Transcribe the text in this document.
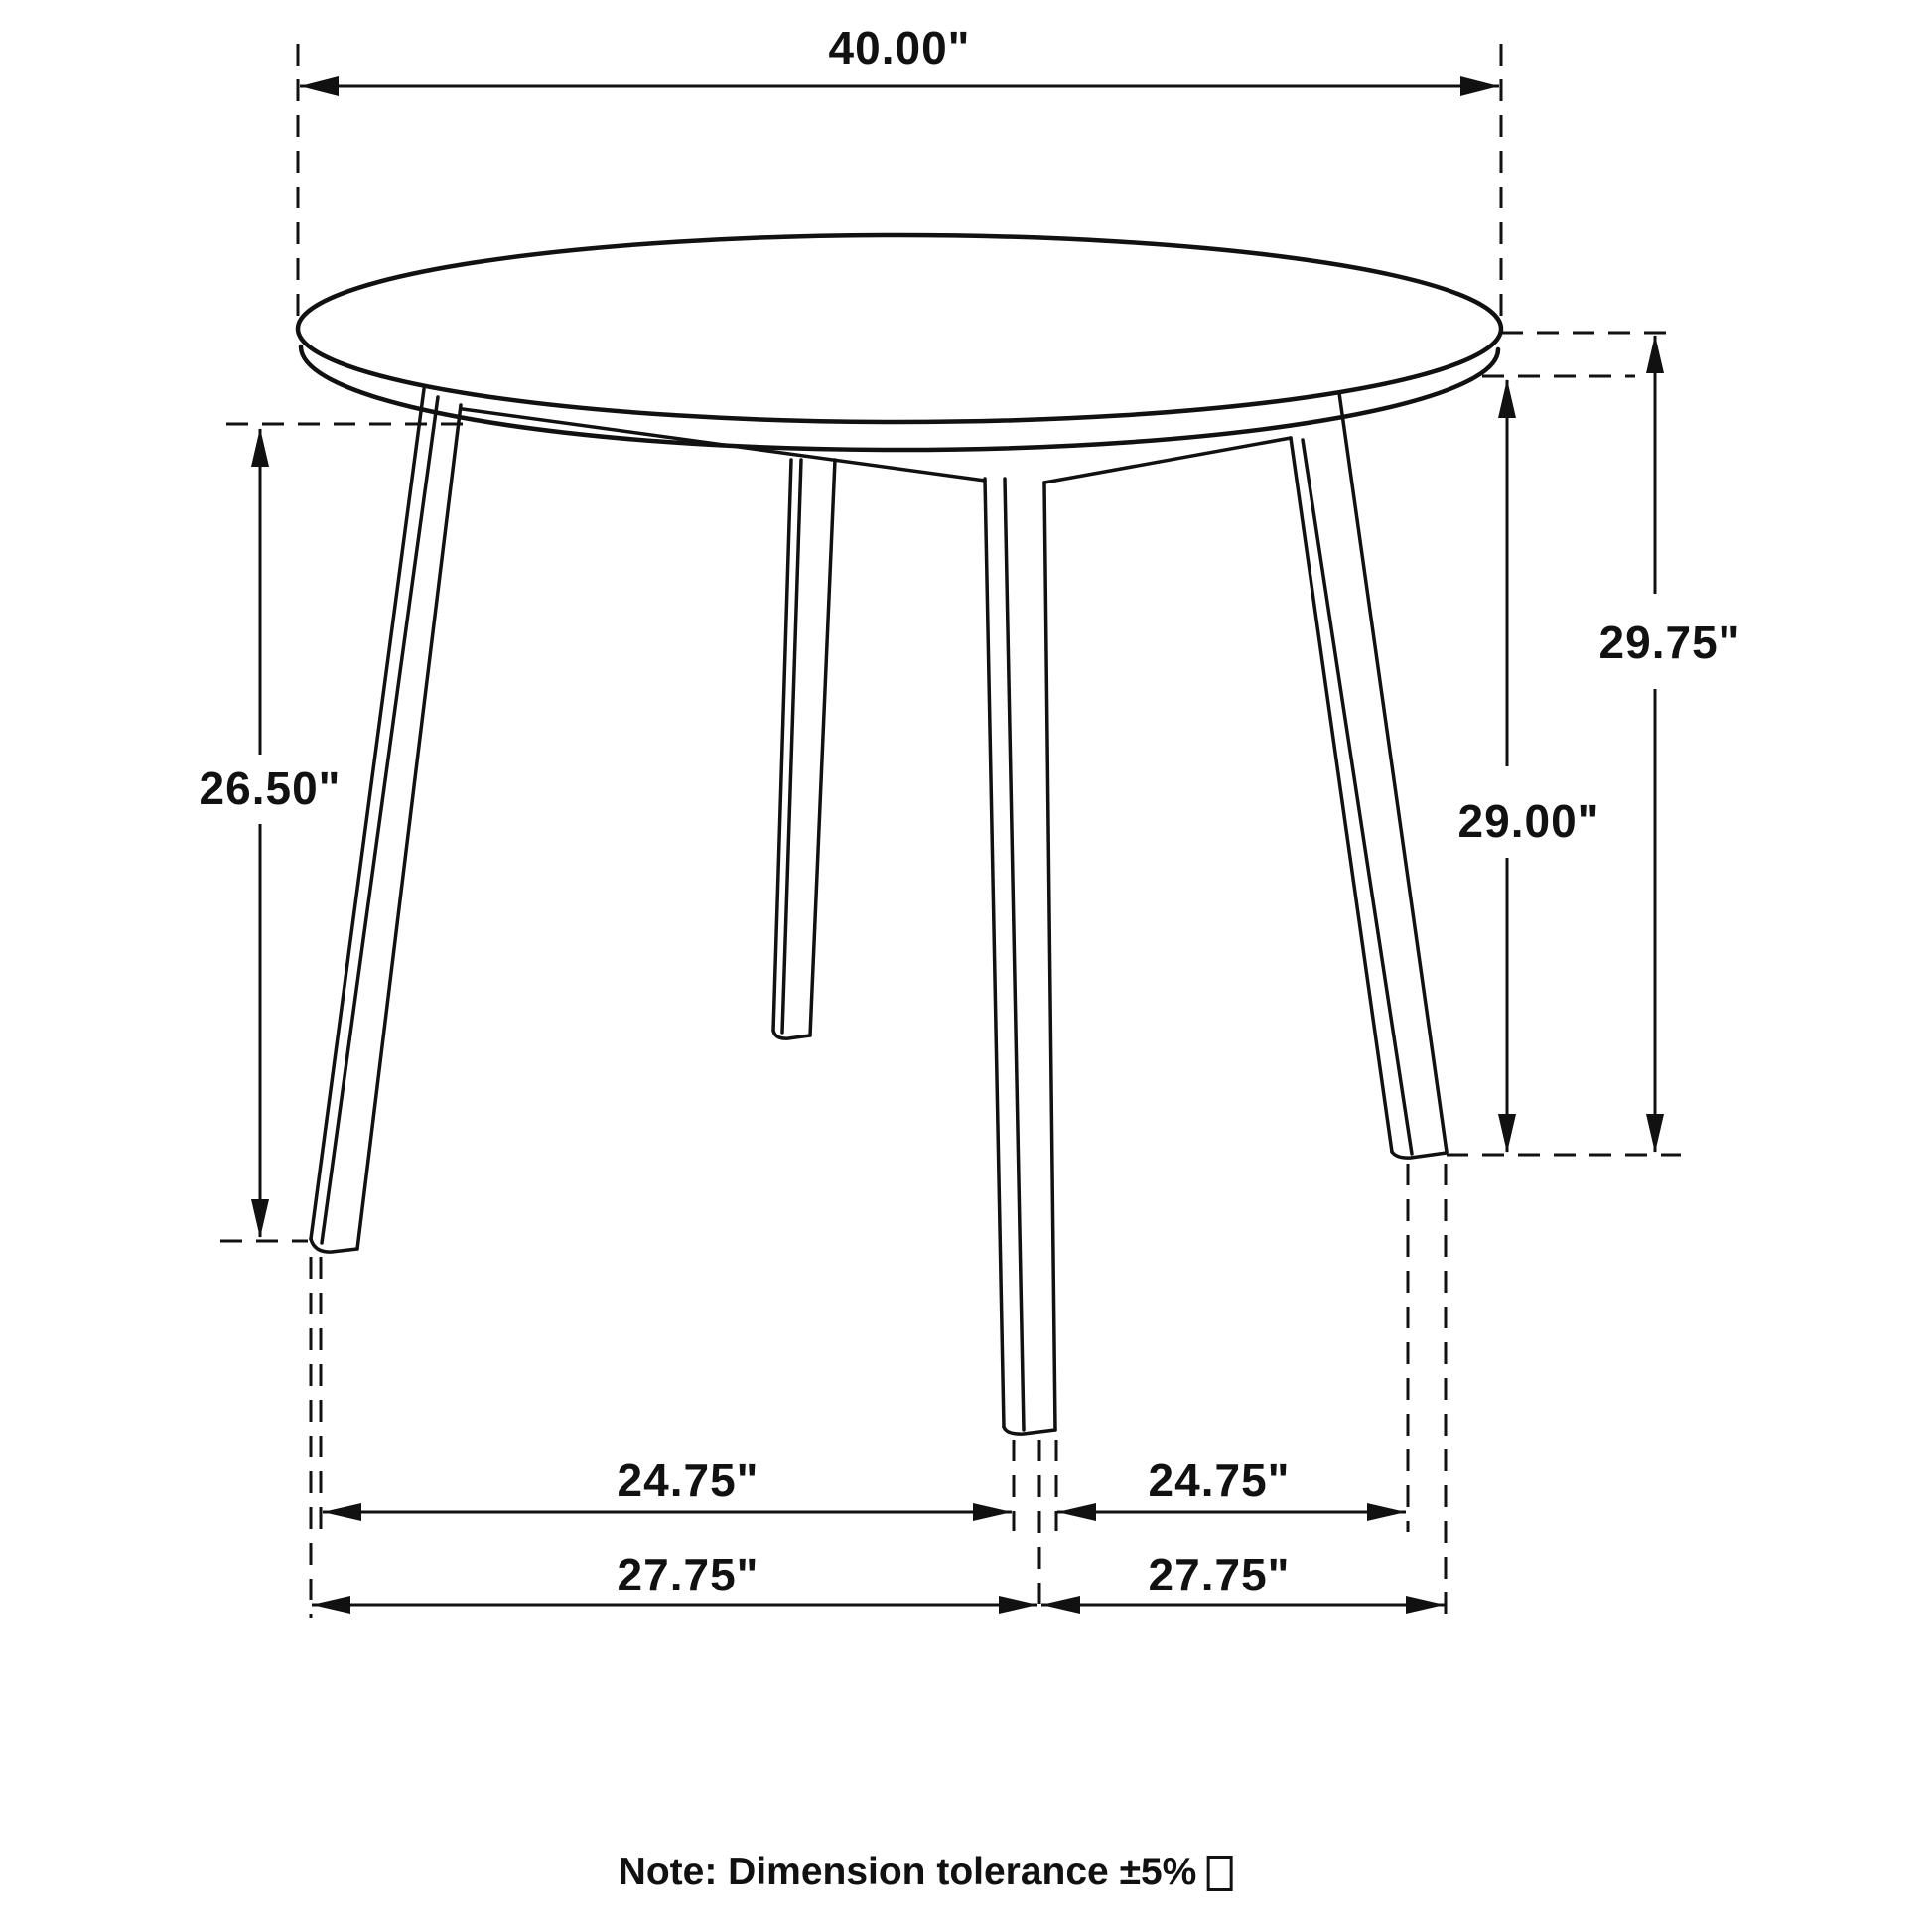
40.00"
29.75"
29.00"
26.50"
24.75"	24.75"
27.75"	27.75"
Note: Dimension tolerance ±5%
